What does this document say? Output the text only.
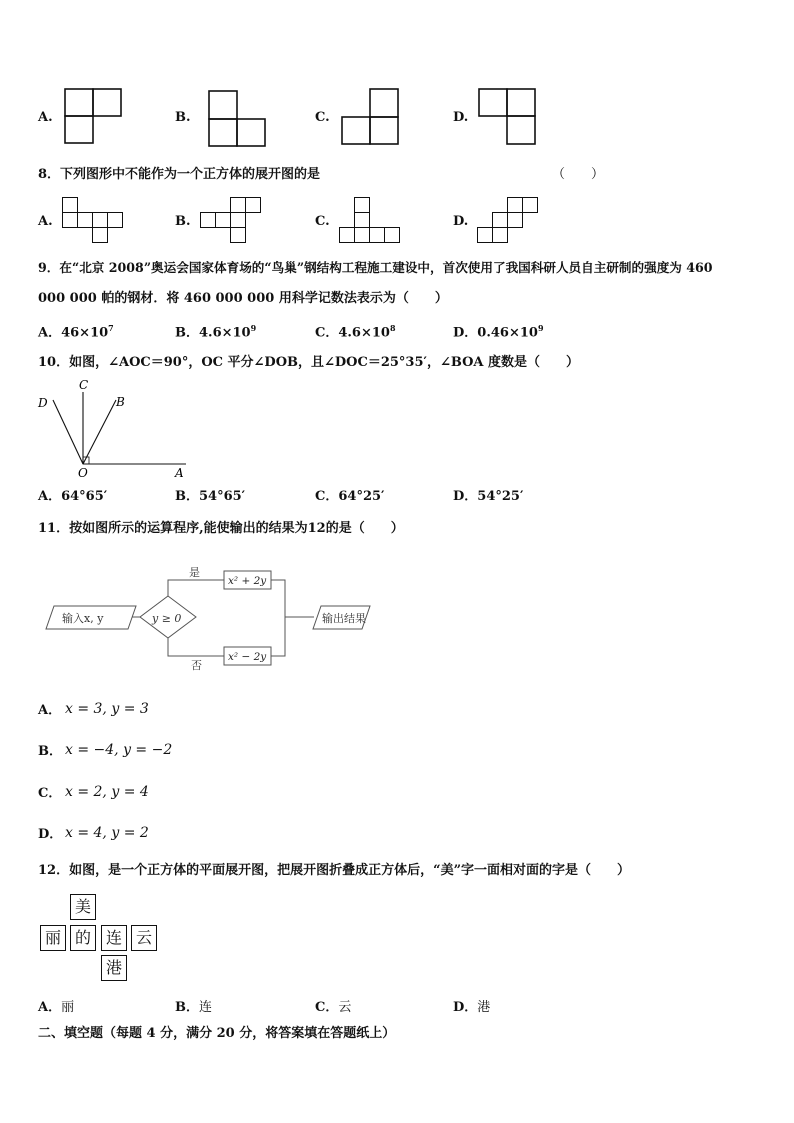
A.	B.	C.	D.
8．下列图形中不能作为一个正方体的展开图的是	（　　）
A.	B.	C.	D.
9．在“北京 2008”奥运会国家体育场的“鸟巢”钢结构工程施工建设中，首次使用了我国科研人员自主研制的强度为 460
000 000 帕的钢材．将 460 000 000 用科学记数法表示为（　　）
A．$46\times 10^7$	B．$4.6\times 10^9$	C．$4.6\times 10^8$	D．$0.46\times 10^9$
10．如图，∠AOC＝90°，OC 平分∠DOB，且∠DOC＝25°35′，∠BOA 度数是（　　）
C
D	B
O	A
A．64°65′	B．54°65′	C．64°25′	D．54°25′
11．按如图所示的运算程序,能使输出的结果为12的是（　　）
输入x, y	y ≥ 0
是
否
x² + 2y
x² − 2y
输出结果
A． x = 3, y = 3
B． x = −4, y = −2
C． x = 2, y = 4
D． x = 4, y = 2
12．如图，是一个正方体的平面展开图，把展开图折叠成正方体后，“美”字一面相对面的字是（　　）
美
丽 的 连 云
港
A．丽	B．连	C．云	D．港
二、填空题（每题 4 分，满分 20 分，将答案填在答题纸上）
